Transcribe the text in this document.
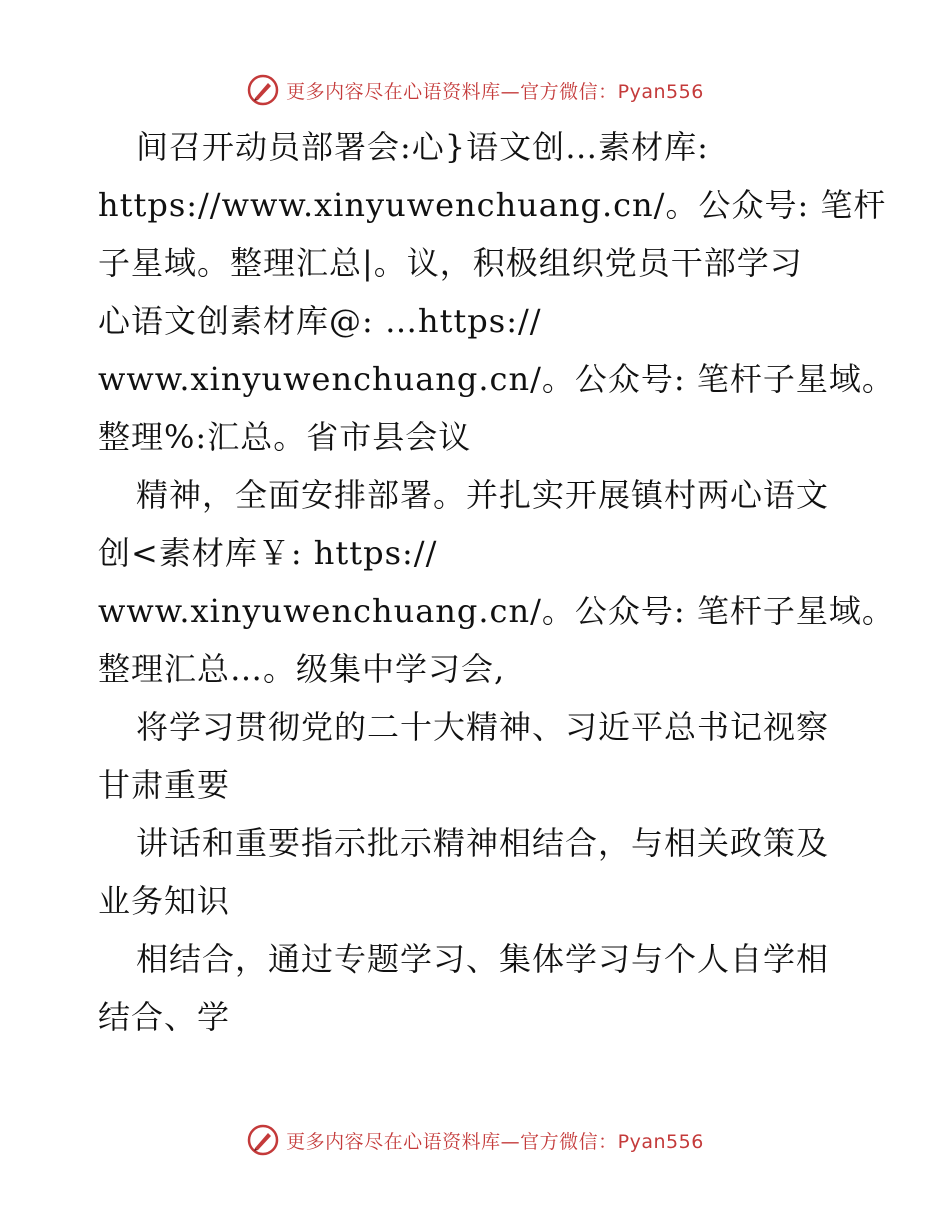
更多内容尽在心语资料库—官方微信：Pyan556
间召开动员部署会:心}语文创…素材库:
https://www.xinyuwenchuang.cn/。公众号: 笔杆
子星域。整理汇总|。议，积极组织党员干部学习
心语文创素材库@: …https://
www.xinyuwenchuang.cn/。公众号: 笔杆子星域。
整理%:汇总。省市县会议
精神，全面安排部署。并扎实开展镇村两心语文
创<素材库￥: https://
www.xinyuwenchuang.cn/。公众号: 笔杆子星域。
整理汇总…。级集中学习会,
将学习贯彻党的二十大精神、习近平总书记视察
甘肃重要
讲话和重要指示批示精神相结合，与相关政策及
业务知识
相结合，通过专题学习、集体学习与个人自学相
结合、学
更多内容尽在心语资料库—官方微信：Pyan556
